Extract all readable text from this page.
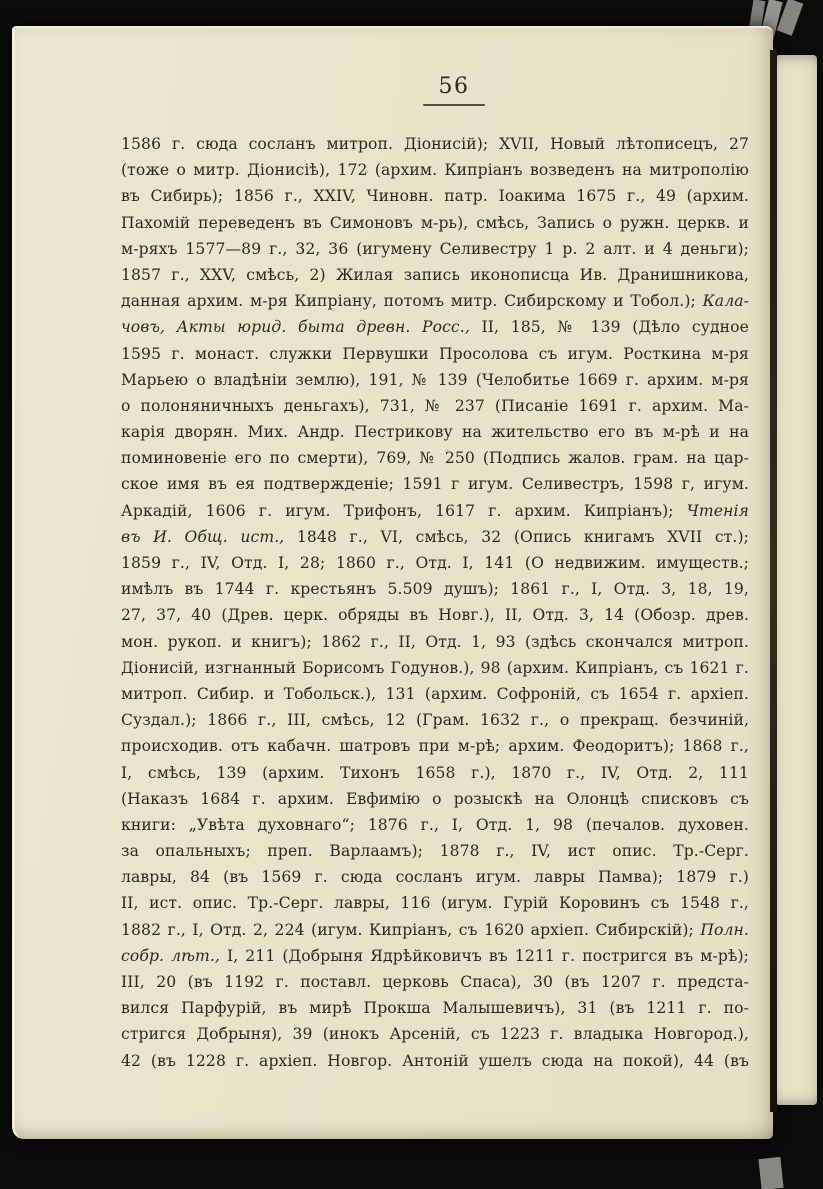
56
1586 г. сюда сосланъ митроп. Діонисій); XVII, Новый лѣтописецъ, 27
(тоже о митр. Діонисіѣ), 172 (архим. Кипріанъ возведенъ на митрополію
въ Сибирь); 1856 г., XXIV, Чиновн. патр. Іоакима 1675 г., 49 (архим.
Пахомій переведенъ въ Симоновъ м-рь), смѣсь, Запись о ружн. церкв. и
м-ряхъ 1577—89 г., 32, 36 (игумену Селивестру 1 р. 2 алт. и 4 деньги);
1857 г., XXV, смѣсь, 2) Жилая запись иконописца Ив. Дранишникова,
данная архим. м-ря Кипріану, потомъ митр. Сибирскому и Тобол.); Кала-
човъ, Акты юрид. быта древн. Росс., II, 185, № 139 (Дѣло судное
1595 г. монаст. служки Первушки Просолова съ игум. Росткина м-ря
Марьею о владѣніи землю), 191, № 139 (Челобитье 1669 г. архим. м-ря
о полоняничныхъ деньгахъ), 731, № 237 (Писаніе 1691 г. архим. Ма-
карія дворян. Мих. Андр. Пестрикову на жительство его въ м-рѣ и на
поминовеніе его по смерти), 769, № 250 (Подпись жалов. грам. на цар-
ское имя въ ея подтвержденіе; 1591 г игум. Селивестръ, 1598 г, игум.
Аркадій, 1606 г. игум. Трифонъ, 1617 г. архим. Кипріанъ); Чтенія
въ И. Общ. ист., 1848 г., VI, смѣсь, 32 (Опись книгамъ XVII ст.);
1859 г., IV, Отд. I, 28; 1860 г., Отд. I, 141 (О недвижим. имуществ.;
имѣлъ въ 1744 г. крестьянъ 5.509 душъ); 1861 г., I, Отд. 3, 18, 19,
27, 37, 40 (Древ. церк. обряды въ Новг.), II, Отд. 3, 14 (Обозр. древ.
мон. рукоп. и книгъ); 1862 г., II, Отд. 1, 93 (здѣсь скончался митроп.
Діонисій, изгнанный Борисомъ Годунов.), 98 (архим. Кипріанъ, съ 1621 г.
митроп. Сибир. и Тобольск.), 131 (архим. Софроній, съ 1654 г. архіеп.
Суздал.); 1866 г., III, смѣсь, 12 (Грам. 1632 г., о прекращ. безчиній,
происходив. отъ кабачн. шатровъ при м-рѣ; архим. Феодоритъ); 1868 г.,
I, смѣсь, 139 (архим. Тихонъ 1658 г.), 1870 г., IV, Отд. 2, 111
(Наказъ 1684 г. архим. Евфимію о розыскѣ на Олонцѣ списковъ съ
книги: „Увѣта духовнаго“; 1876 г., I, Отд. 1, 98 (печалов. духовен.
за опальныхъ; преп. Варлаамъ); 1878 г., IV, ист опис. Тр.-Серг.
лавры, 84 (въ 1569 г. сюда сосланъ игум. лавры Памва); 1879 г.)
II, ист. опис. Тр.-Серг. лавры, 116 (игум. Гурій Коровинъ съ 1548 г.,
1882 г., I, Отд. 2, 224 (игум. Кипріанъ, съ 1620 архіеп. Сибирскій); Полн.
собр. лѣт., I, 211 (Добрыня Ядрѣйковичъ въ 1211 г. постригся въ м-рѣ);
III, 20 (въ 1192 г. поставл. церковь Спаса), 30 (въ 1207 г. предста-
вился Парфурій, въ мирѣ Прокша Малышевичъ), 31 (въ 1211 г. по-
стригся Добрыня), 39 (инокъ Арсеній, съ 1223 г. владыка Новгород.),
42 (въ 1228 г. архіеп. Новгор. Антоній ушелъ сюда на покой), 44 (въ
